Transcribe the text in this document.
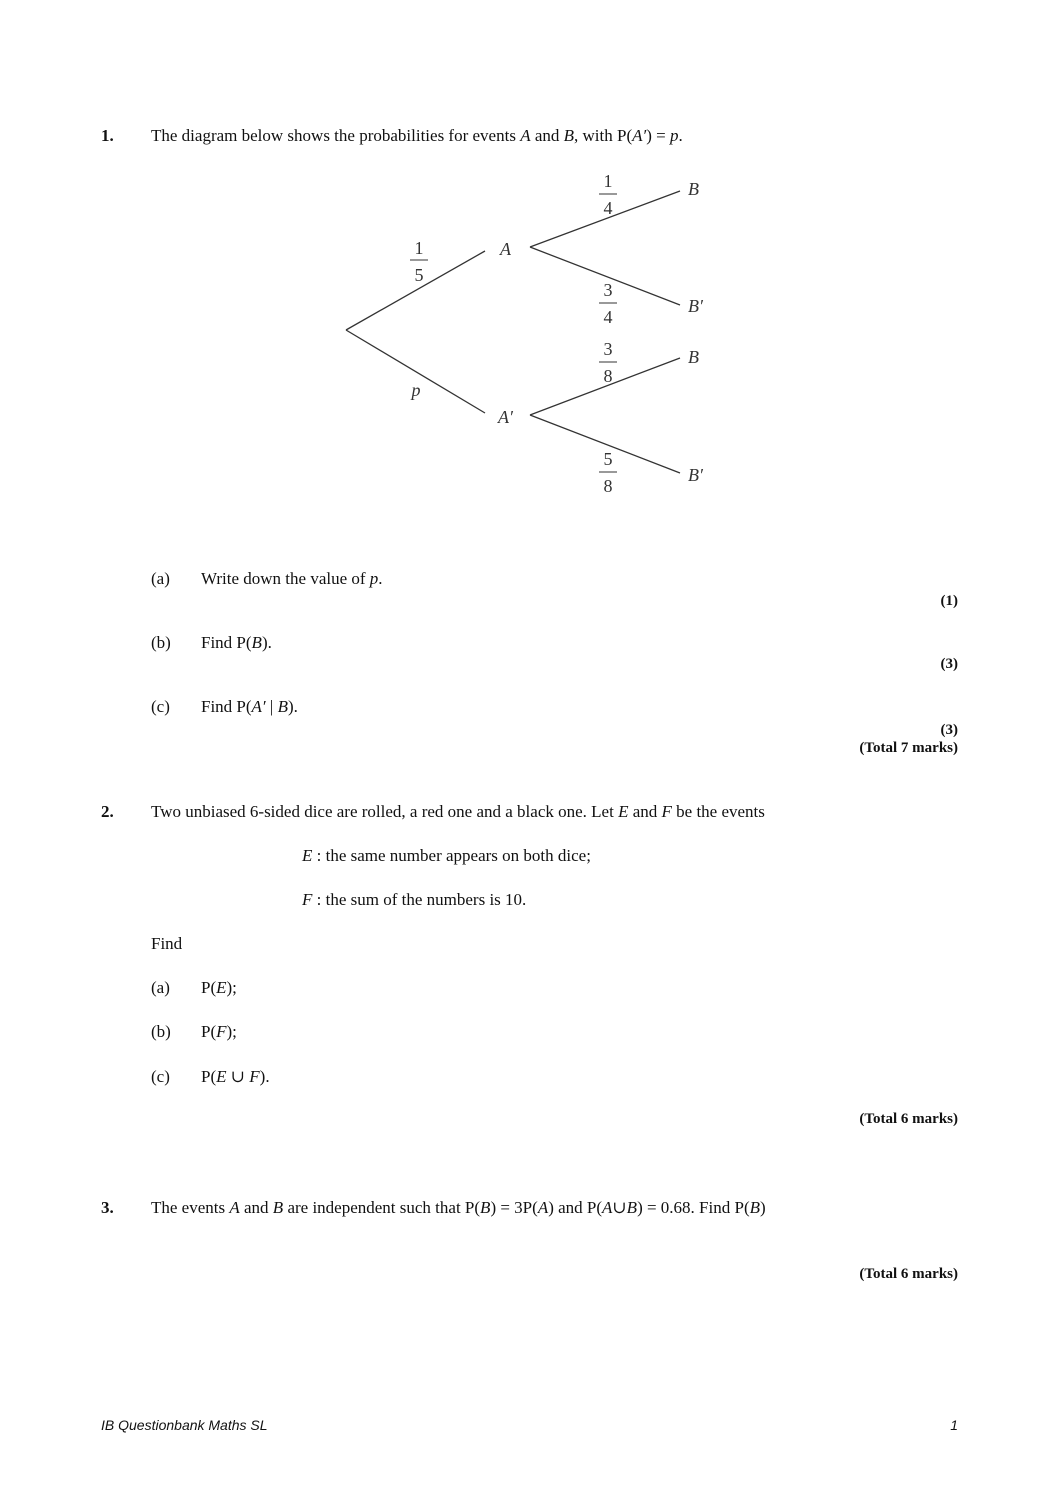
1. The diagram below shows the probabilities for events A and B, with P(A′) = p.
1
5
p
A
A′
1
4
3
4
3
8
5
8
B
B′
B
B′
(a) Write down the value of p.
(1)
(b) Find P(B).
(3)
(c) Find P(A′ | B).
(3)
(Total 7 marks)
2. Two unbiased 6-sided dice are rolled, a red one and a black one. Let E and F be the events
E : the same number appears on both dice;
F : the sum of the numbers is 10.
Find
(a) P(E);
(b) P(F);
(c) P(E ∪ F).
(Total 6 marks)
3. The events A and B are independent such that P(B) = 3P(A) and P(A∪B) = 0.68. Find P(B)
(Total 6 marks)
IB Questionbank Maths SL	1
